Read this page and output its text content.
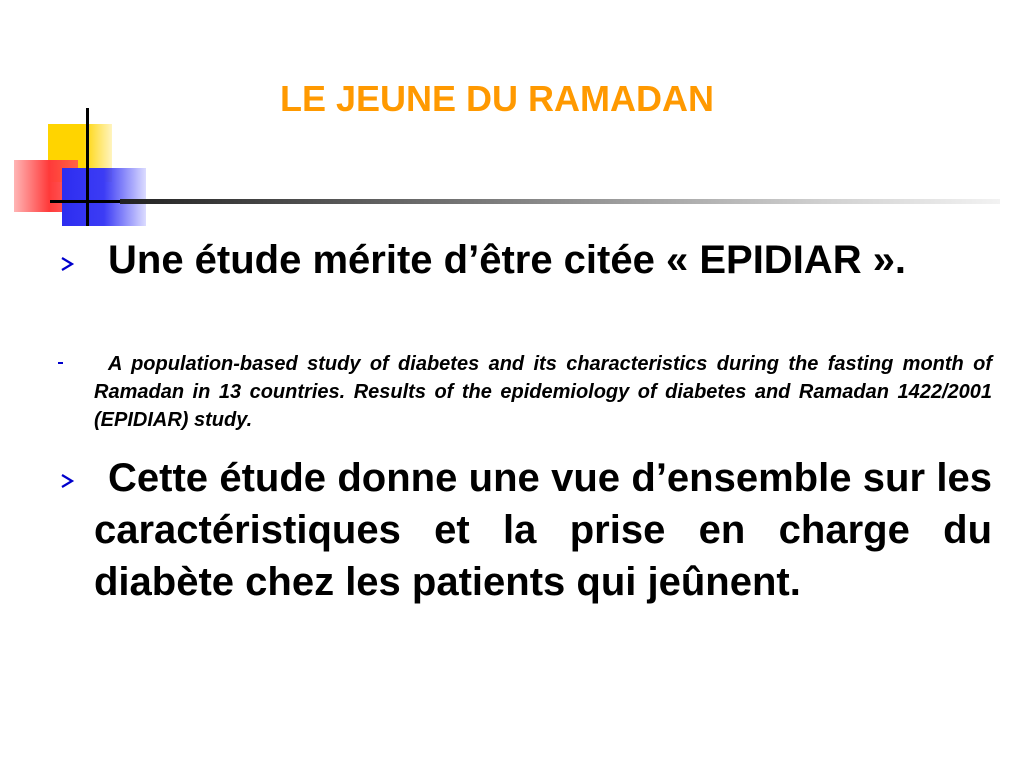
LE JEUNE DU RAMADAN

Une étude mérite d’être citée « EPIDIAR ».

A population-based study of diabetes and its characteristics during the fasting month of Ramadan in 13 countries. Results of the epidemiology of diabetes and Ramadan 1422/2001 (EPIDIAR) study.

Cette étude donne une vue d’ensemble sur les caractéristiques et la prise en charge du diabète chez les patients qui jeûnent.
